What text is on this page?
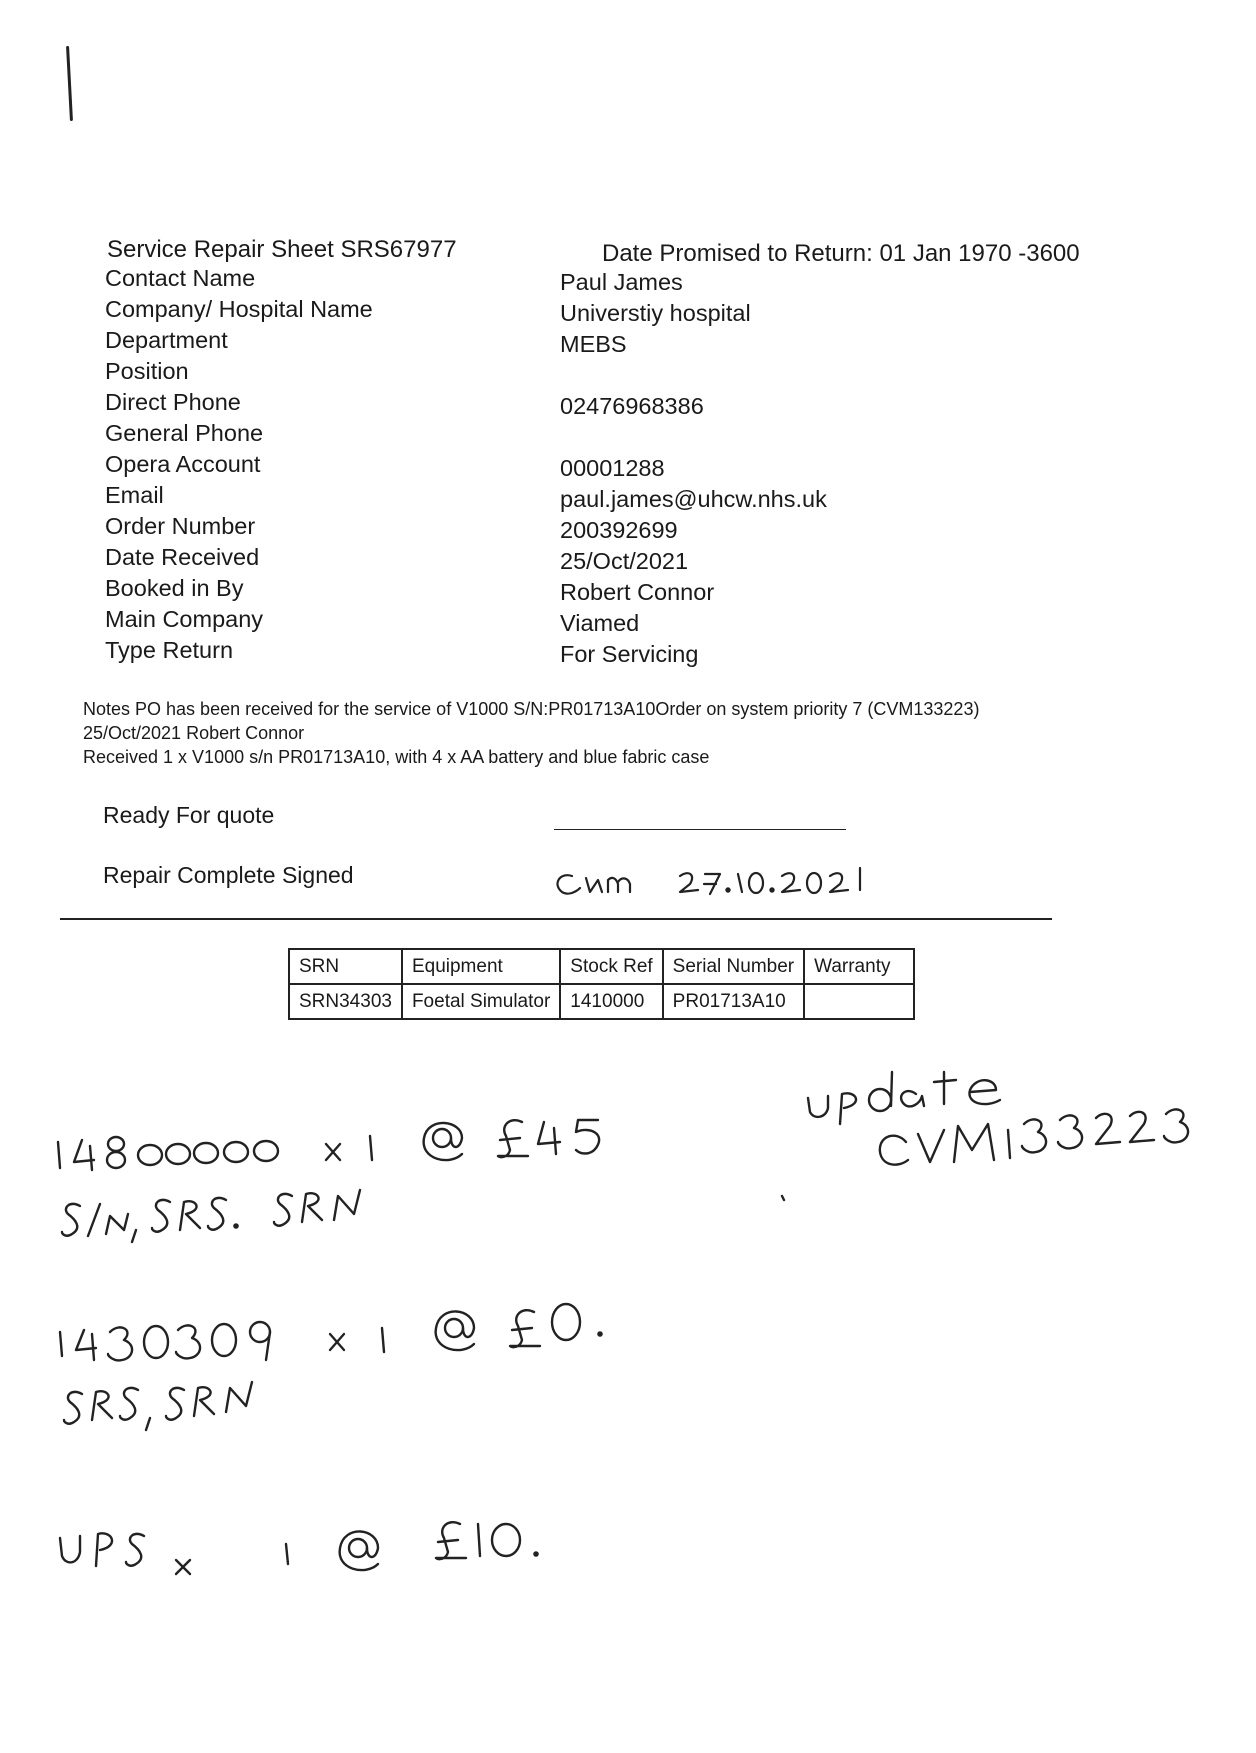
Service Repair Sheet SRS67977	Date Promised to Return: 01 Jan 1970 -3600
Contact Name	Paul James
Company/ Hospital Name	Universtiy hospital
Department	MEBS
Position
Direct Phone	02476968386
General Phone
Opera Account	00001288
Email	paul.james@uhcw.nhs.uk
Order Number	200392699
Date Received	25/Oct/2021
Booked in By	Robert Connor
Main Company	Viamed
Type Return	For Servicing
Notes PO has been received for the service of V1000 S/N:PR01713A10Order on system priority 7 (CVM133223)
25/Oct/2021 Robert Connor
Received 1 x V1000 s/n PR01713A10, with 4 x AA battery and blue fabric case
Ready For quote
Repair Complete Signed
SRN	Equipment	Stock Ref	Serial Number	Warranty
SRN34303	Foetal Simulator	1410000	PR01713A10	
